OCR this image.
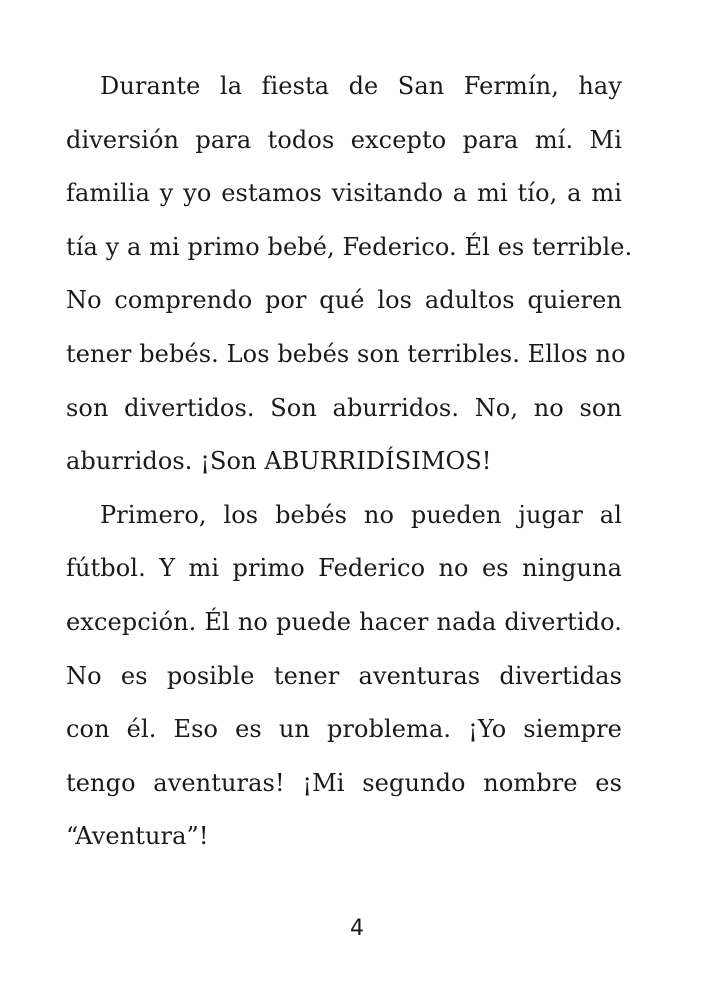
Durante la fiesta de San Fermín, hay
diversión para todos excepto para mí. Mi
familia y yo estamos visitando a mi tío, a mi
tía y a mi primo bebé, Federico. Él es terrible.
No comprendo por qué los adultos quieren
tener bebés. Los bebés son terribles. Ellos no
son divertidos. Son aburridos. No, no son
aburridos. ¡Son ABURRIDÍSIMOS!
Primero, los bebés no pueden jugar al
fútbol. Y mi primo Federico no es ninguna
excepción. Él no puede hacer nada divertido.
No es posible tener aventuras divertidas
con él. Eso es un problema. ¡Yo siempre
tengo aventuras! ¡Mi segundo nombre es
“Aventura”!
4
